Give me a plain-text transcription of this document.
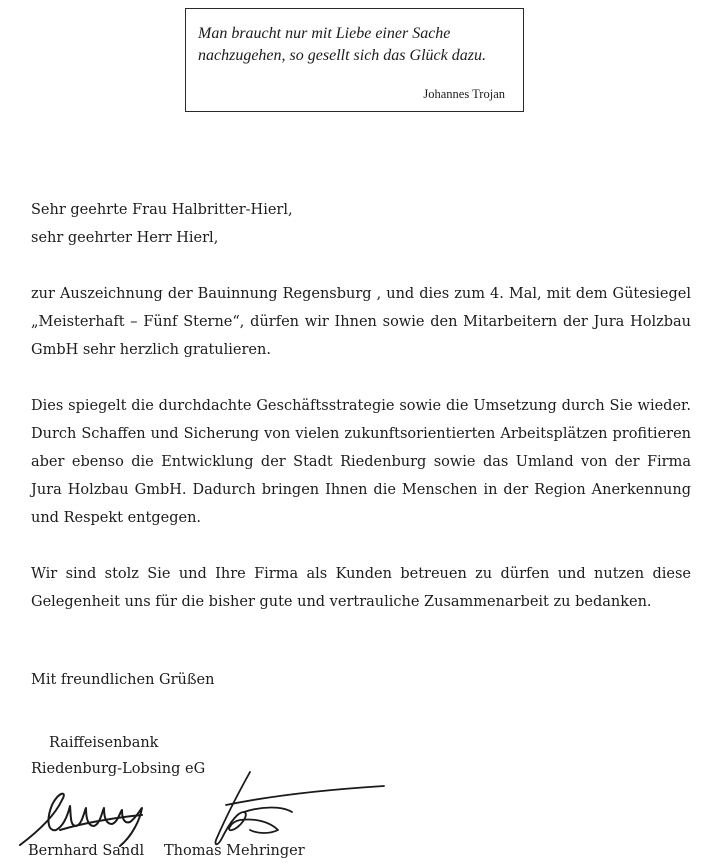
Man braucht nur mit Liebe einer Sache
nachzugehen, so gesellt sich das Glück dazu.
Johannes Trojan

Sehr geehrte Frau Halbritter-Hierl,

sehr geehrter Herr Hierl,

zur Auszeichnung der Bauinnung Regensburg , und dies zum 4. Mal, mit dem Gütesiegel „Meisterhaft – Fünf Sterne“, dürfen wir Ihnen sowie den Mitarbeitern der Jura Holzbau GmbH sehr herzlich gratulieren.

Dies spiegelt die durchdachte Geschäftsstrategie sowie die Umsetzung durch Sie wieder. Durch Schaffen und Sicherung von vielen zukunftsorientierten Arbeitsplätzen profitieren aber ebenso die Entwicklung der Stadt Riedenburg sowie das Umland von der Firma Jura Holzbau GmbH. Dadurch bringen Ihnen die Menschen in der Region Anerkennung und Respekt entgegen.

Wir sind stolz Sie und Ihre Firma als Kunden betreuen zu dürfen und nutzen diese Gelegenheit uns für die bisher gute und vertrauliche Zusammenarbeit zu bedanken.

Mit freundlichen Grüßen
Raiffeisenbank
Riedenburg-Lobsing eG
Bernhard Sandl Thomas Mehringer
